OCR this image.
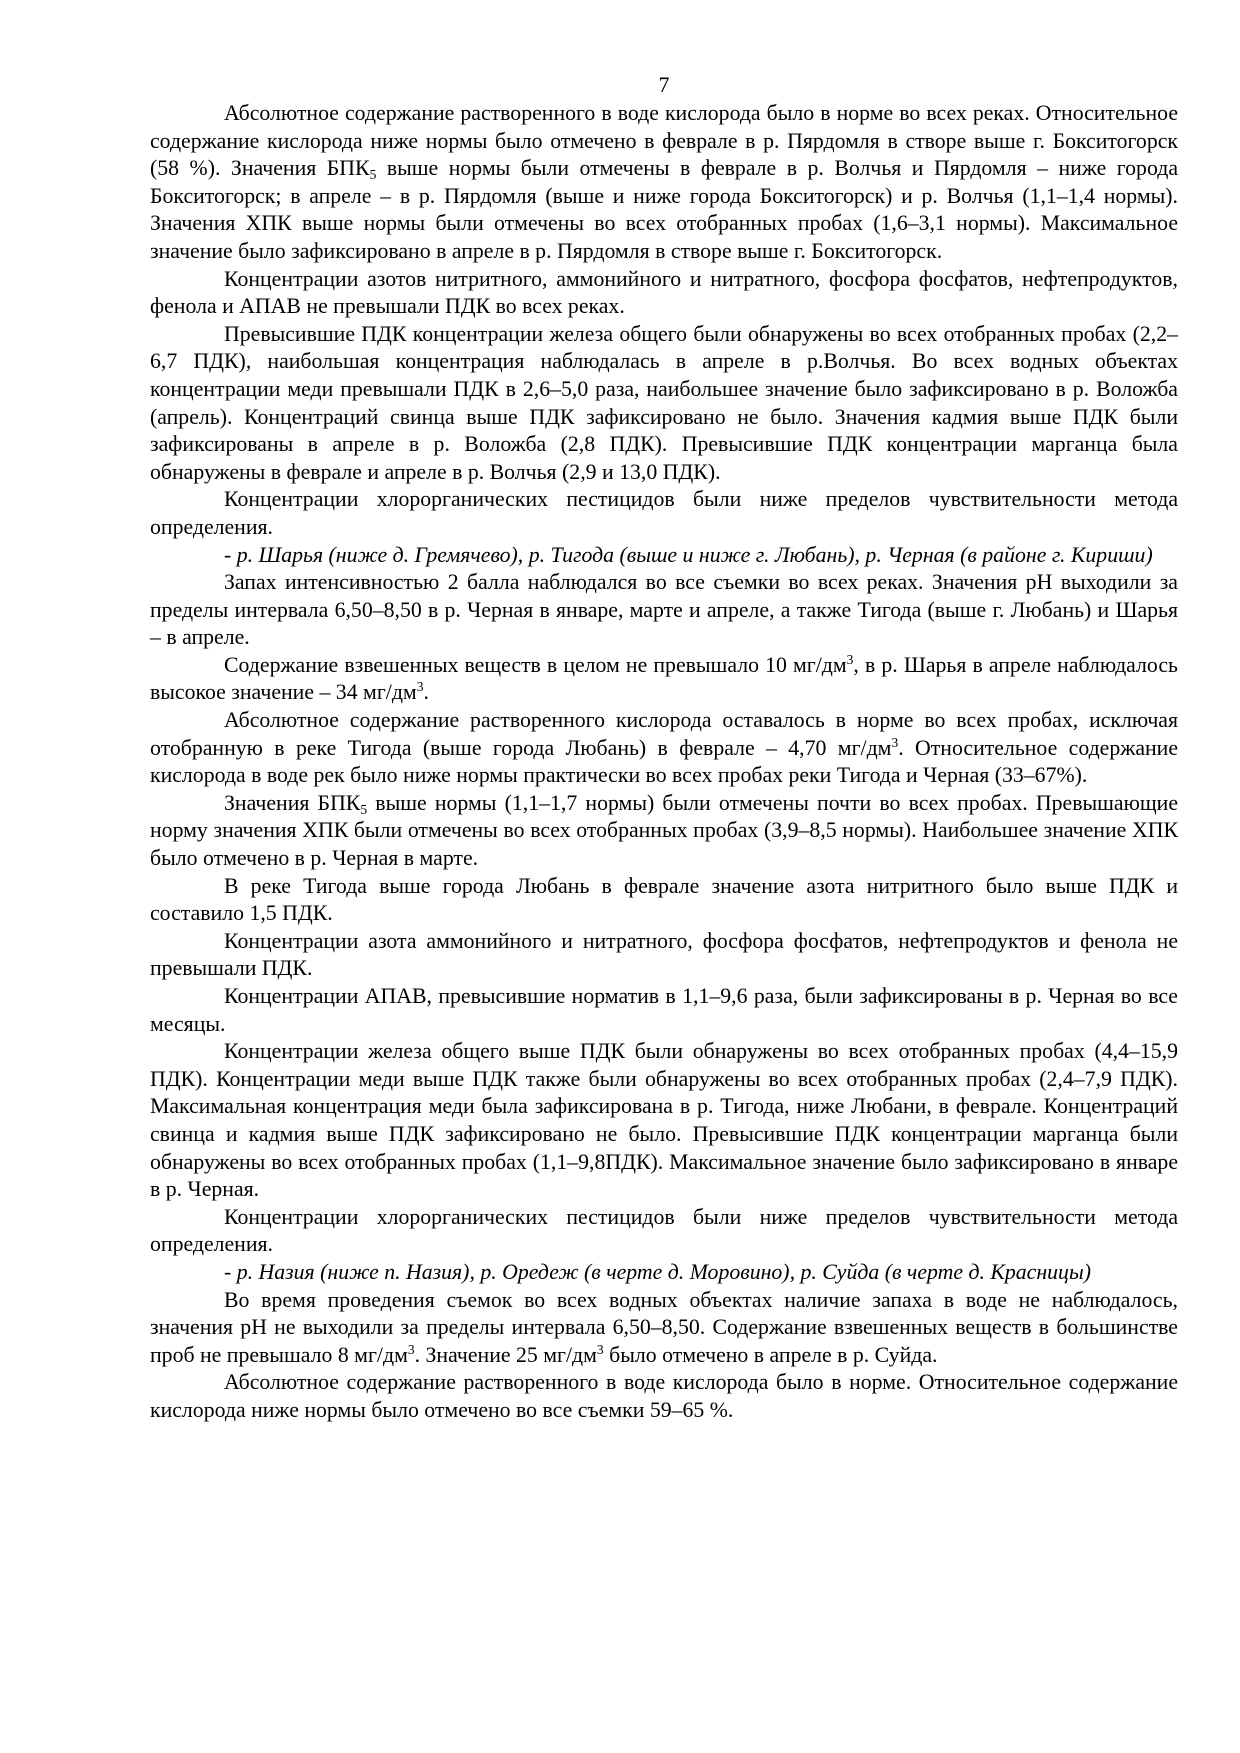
7

Абсолютное содержание растворенного в воде кислорода было в норме во всех реках. Относительное содержание кислорода ниже нормы было отмечено в феврале в р. Пярдомля в створе выше г. Бокситогорск (58 %). Значения $БПК_5$ выше нормы были отмечены в феврале в р. Волчья и Пярдомля – ниже города Бокситогорск; в апреле – в р. Пярдомля (выше и ниже города Бокситогорск) и р. Волчья (1,1–1,4 нормы). Значения ХПК выше нормы были отмечены во всех отобранных пробах (1,6–3,1 нормы). Максимальное значение было зафиксировано в апреле в р. Пярдомля в створе выше г. Бокситогорск.

Концентрации азотов нитритного, аммонийного и нитратного, фосфора фосфатов, нефтепродуктов, фенола и АПАВ не превышали ПДК во всех реках.

Превысившие ПДК концентрации железа общего были обнаружены во всех отобранных пробах (2,2–6,7 ПДК), наибольшая концентрация наблюдалась в апреле в р.Волчья. Во всех водных объектах концентрации меди превышали ПДК в 2,6–5,0 раза, наибольшее значение было зафиксировано в р. Воложба (апрель). Концентраций свинца выше ПДК зафиксировано не было. Значения кадмия выше ПДК были зафиксированы в апреле в р. Воложба (2,8 ПДК). Превысившие ПДК концентрации марганца была обнаружены в феврале и апреле в р. Волчья (2,9 и 13,0 ПДК).

Концентрации хлорорганических пестицидов были ниже пределов чувствительности метода определения.

- р. Шарья (ниже д. Гремячево), р. Тигода (выше и ниже г. Любань), р. Черная (в районе г. Кириши)

Запах интенсивностью 2 балла наблюдался во все съемки во всех реках. Значения рН выходили за пределы интервала 6,50–8,50 в р. Черная в январе, марте и апреле, а также Тигода (выше г. Любань) и Шарья – в апреле.

Содержание взвешенных веществ в целом не превышало 10 $мг/дм^3$, в р. Шарья в апреле наблюдалось высокое значение – 34 $мг/дм^3$.

Абсолютное содержание растворенного кислорода оставалось в норме во всех пробах, исключая отобранную в реке Тигода (выше города Любань) в феврале – 4,70 $мг/дм^3$. Относительное содержание кислорода в воде рек было ниже нормы практически во всех пробах реки Тигода и Черная (33–67%).

Значения $БПК_5$ выше нормы (1,1–1,7 нормы) были отмечены почти во всех пробах. Превышающие норму значения ХПК были отмечены во всех отобранных пробах (3,9–8,5 нормы). Наибольшее значение ХПК было отмечено в р. Черная в марте.

В реке Тигода выше города Любань в феврале значение азота нитритного было выше ПДК и составило 1,5 ПДК.

Концентрации азота аммонийного и нитратного, фосфора фосфатов, нефтепродуктов и фенола не превышали ПДК.

Концентрации АПАВ, превысившие норматив в 1,1–9,6 раза, были зафиксированы в р. Черная во все месяцы.

Концентрации железа общего выше ПДК были обнаружены во всех отобранных пробах (4,4–15,9 ПДК). Концентрации меди выше ПДК также были обнаружены во всех отобранных пробах (2,4–7,9 ПДК). Максимальная концентрация меди была зафиксирована в р. Тигода, ниже Любани, в феврале. Концентраций свинца и кадмия выше ПДК зафиксировано не было. Превысившие ПДК концентрации марганца были обнаружены во всех отобранных пробах (1,1–9,8ПДК). Максимальное значение было зафиксировано в январе в р. Черная.

Концентрации хлорорганических пестицидов были ниже пределов чувствительности метода определения.

- р. Назия (ниже п. Назия), р. Оредеж (в черте д. Моровино), р. Суйда (в черте д. Красницы)

Во время проведения съемок во всех водных объектах наличие запаха в воде не наблюдалось, значения рН не выходили за пределы интервала 6,50–8,50. Содержание взвешенных веществ в большинстве проб не превышало 8 $мг/дм^3$. Значение 25 $мг/дм^3$ было отмечено в апреле в р. Суйда.

Абсолютное содержание растворенного в воде кислорода было в норме. Относительное содержание кислорода ниже нормы было отмечено во все съемки 59–65 %.
